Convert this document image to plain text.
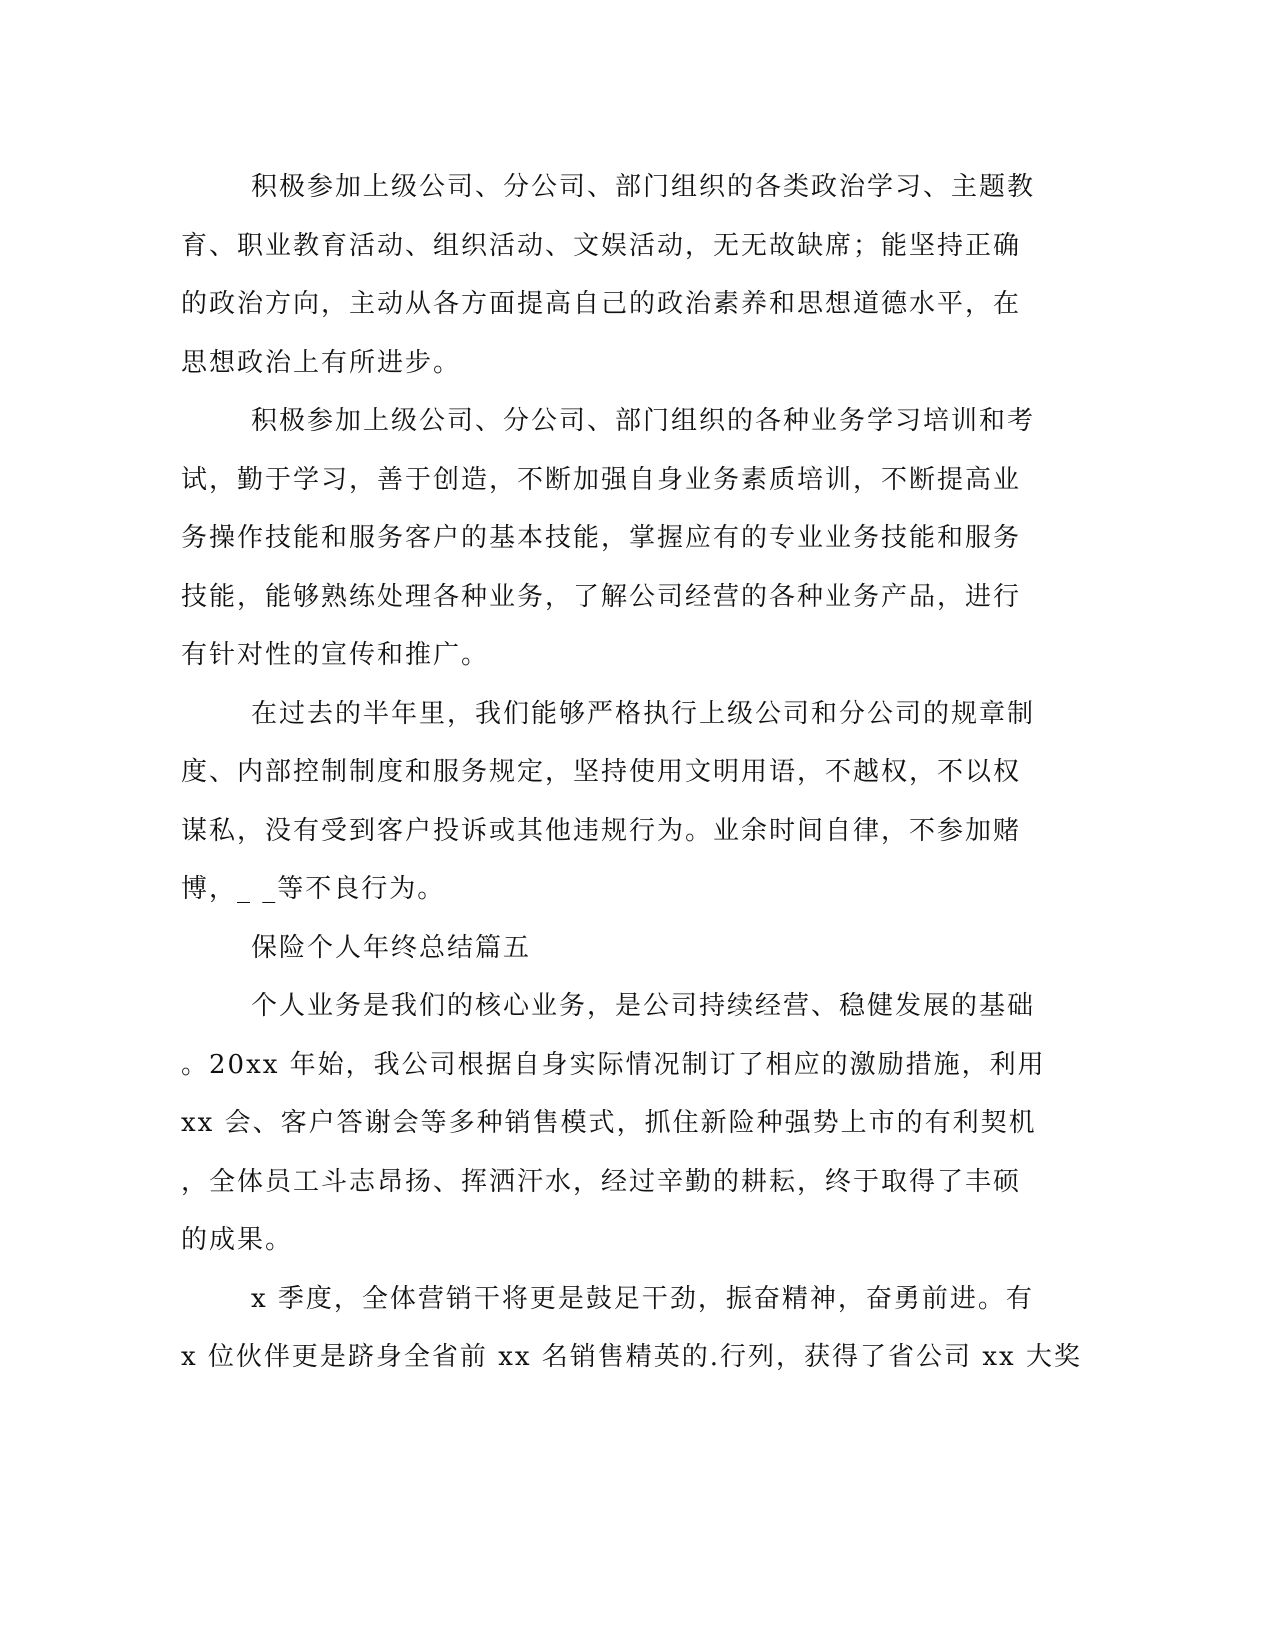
积极参加上级公司、分公司、部门组织的各类政治学习、主题教
育、职业教育活动、组织活动、文娱活动，无无故缺席；能坚持正确
的政治方向，主动从各方面提高自己的政治素养和思想道德水平，在
思想政治上有所进步。
积极参加上级公司、分公司、部门组织的各种业务学习培训和考
试，勤于学习，善于创造，不断加强自身业务素质培训，不断提高业
务操作技能和服务客户的基本技能，掌握应有的专业业务技能和服务
技能，能够熟练处理各种业务，了解公司经营的各种业务产品，进行
有针对性的宣传和推广。
在过去的半年里，我们能够严格执行上级公司和分公司的规章制
度、内部控制制度和服务规定，坚持使用文明用语，不越权，不以权
谋私，没有受到客户投诉或其他违规行为。业余时间自律，不参加赌
博，_ _等不良行为。
保险个人年终总结篇五
个人业务是我们的核心业务，是公司持续经营、稳健发展的基础
。20xx 年始，我公司根据自身实际情况制订了相应的激励措施，利用
xx 会、客户答谢会等多种销售模式，抓住新险种强势上市的有利契机
，全体员工斗志昂扬、挥洒汗水，经过辛勤的耕耘，终于取得了丰硕
的成果。
x 季度，全体营销干将更是鼓足干劲，振奋精神，奋勇前进。有
x 位伙伴更是跻身全省前 xx 名销售精英的.行列，获得了省公司 xx 大奖
